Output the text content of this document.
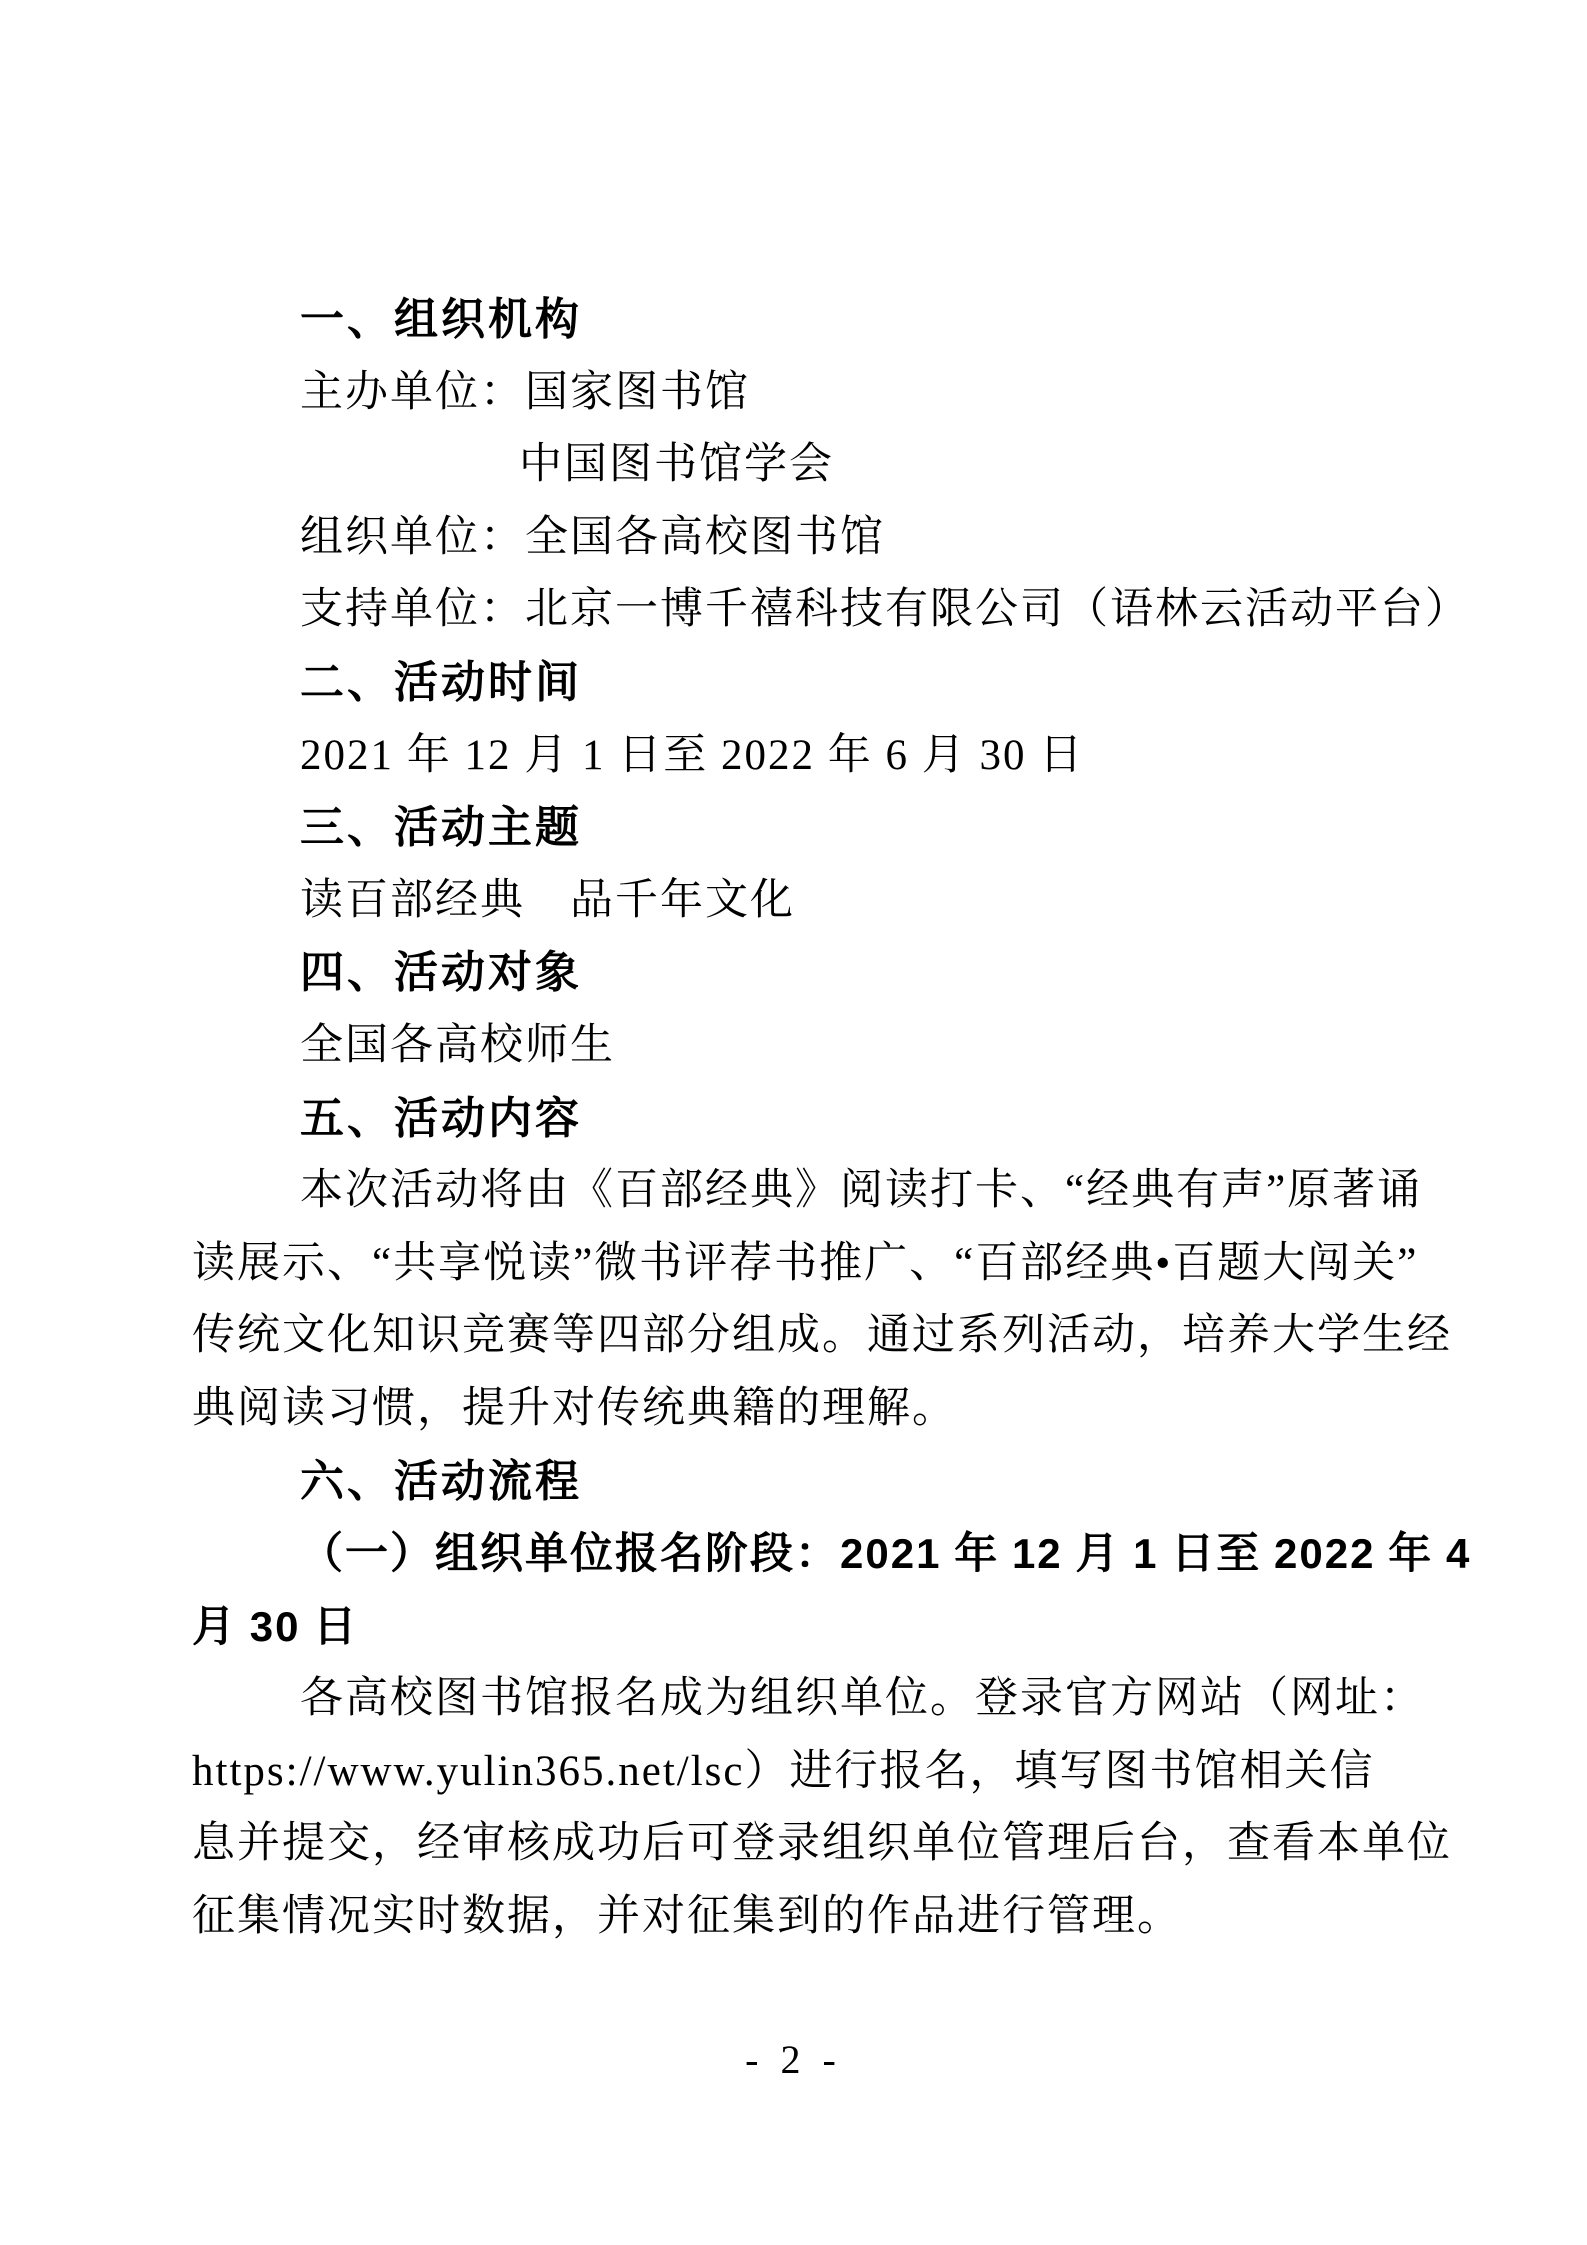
一、组织机构
主办单位：国家图书馆
中国图书馆学会
组织单位：全国各高校图书馆
支持单位：北京一博千禧科技有限公司（语林云活动平台）
二、活动时间
2021 年 12 月 1 日至 2022 年 6 月 30 日
三、活动主题
读百部经典　品千年文化
四、活动对象
全国各高校师生
五、活动内容
本次活动将由《百部经典》阅读打卡、“经典有声”原著诵
读展示、“共享悦读”微书评荐书推广、“百部经典•百题大闯关”
传统文化知识竞赛等四部分组成。通过系列活动，培养大学生经
典阅读习惯，提升对传统典籍的理解。
六、活动流程
（一）组织单位报名阶段：2021 年 12 月 1 日至 2022 年 4
月 30 日
各高校图书馆报名成为组织单位。登录官方网站（网址：
https://www.yulin365.net/lsc）进行报名，填写图书馆相关信
息并提交，经审核成功后可登录组织单位管理后台，查看本单位
征集情况实时数据，并对征集到的作品进行管理。
- 2 -
